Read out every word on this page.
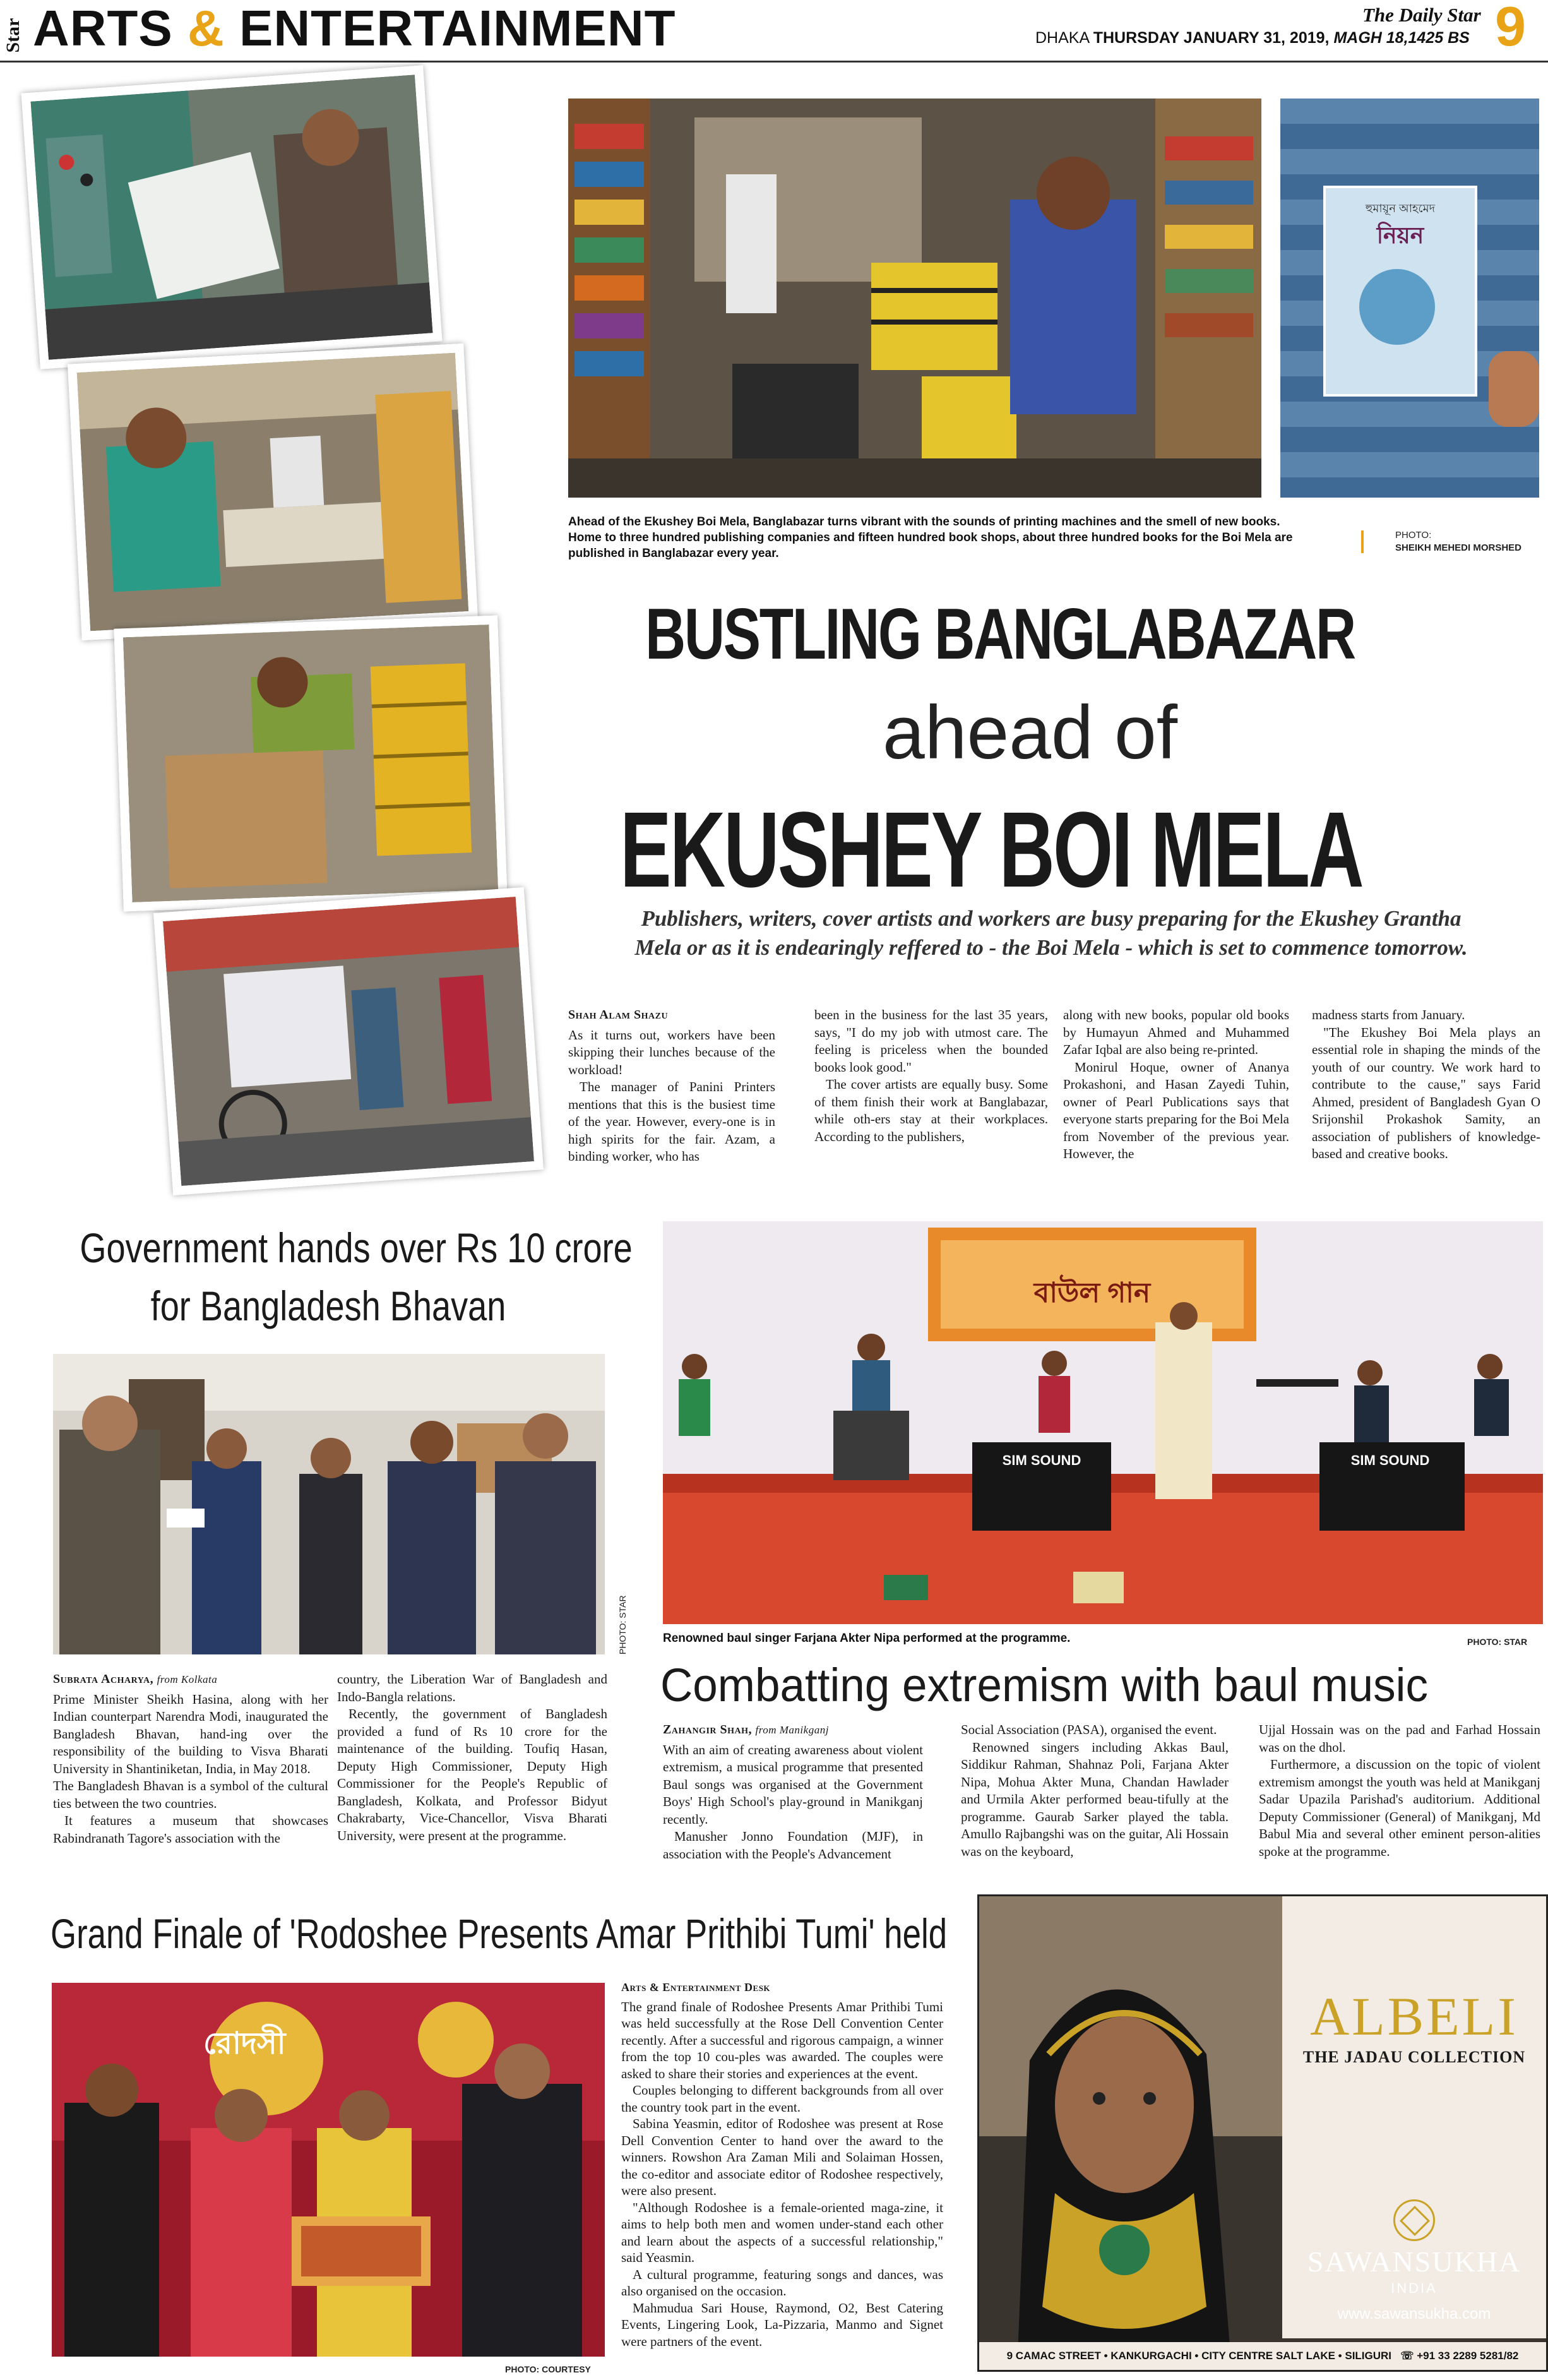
Star ARTS & ENTERTAINMENT	DHAKA THURSDAY JANUARY 31, 2019, MAGH 18,1425 BS
The Daily Star 9
নিয়ন
হুমায়ূন আহমেদ
Ahead of the Ekushey Boi Mela, Banglabazar turns vibrant with the sounds of printing machines and the smell of new books. Home to three hundred publishing companies and fifteen hundred book shops, about three hundred books for the Boi Mela are published in Banglabazar every year.
PHOTO:
SHEIKH MEHEDI MORSHED
BUSTLING BANGLABAZAR
ahead of
EKUSHEY BOI MELA
Publishers, writers, cover artists and workers are busy preparing for the Ekushey Grantha Mela or as it is endearingly reffered to - the Boi Mela - which is set to commence tomorrow.
Shah Alam Shazu

As it turns out, workers have been skipping their lunches because of the workload!

The manager of Panini Printers mentions that this is the busiest time of the year. However, every-one is in high spirits for the fair. Azam, a binding worker, who has

been in the business for the last 35 years, says, "I do my job with utmost care. The feeling is priceless when the bounded books look good."

The cover artists are equally busy. Some of them finish their work at Banglabazar, while oth-ers stay at their workplaces. According to the publishers,

along with new books, popular old books by Humayun Ahmed and Muhammed Zafar Iqbal are also being re-printed.

Monirul Hoque, owner of Ananya Prokashoni, and Hasan Zayedi Tuhin, owner of Pearl Publications says that everyone starts preparing for the Boi Mela from November of the previous year. However, the

madness starts from January.

"The Ekushey Boi Mela plays an essential role in shaping the minds of the youth of our country. We work hard to contribute to the cause," says Farid Ahmed, president of Bangladesh Gyan O Srijonshil Prokashok Samity, an association of publishers of knowledge-based and creative books.

Government hands over Rs 10 crore
for Bangladesh Bhavan
PHOTO: STAR
Subrata Acharya, from Kolkata

Prime Minister Sheikh Hasina, along with her Indian counterpart Narendra Modi, inaugurated the Bangladesh Bhavan, hand-ing over the responsibility of the building to Visva Bharati University in Shantiniketan, India, in May 2018.

The Bangladesh Bhavan is a symbol of the cultural ties between the two countries.

It features a museum that showcases Rabindranath Tagore's association with the

country, the Liberation War of Bangladesh and Indo-Bangla relations.

Recently, the government of Bangladesh provided a fund of Rs 10 crore for the maintenance of the building. Toufiq Hasan, Deputy High Commissioner, Deputy High Commissioner for the People's Republic of Bangladesh, Kolkata, and Professor Bidyut Chakrabarty, Vice-Chancellor, Visva Bharati University, were present at the programme.

বাউল গান
SIM SOUND	SIM SOUND
Renowned baul singer Farjana Akter Nipa performed at the programme.	PHOTO: STAR
Combatting extremism with baul music
Zahangir Shah, from Manikganj

With an aim of creating awareness about violent extremism, a musical programme that presented Baul songs was organised at the Government Boys' High School's play-ground in Manikganj recently.

Manusher Jonno Foundation (MJF), in association with the People's Advancement

Social Association (PASA), organised the event.

Renowned singers including Akkas Baul, Siddikur Rahman, Shahnaz Poli, Farjana Akter Nipa, Mohua Akter Muna, Chandan Hawlader and Urmila Akter performed beau-tifully at the programme. Gaurab Sarker played the tabla. Amullo Rajbangshi was on the guitar, Ali Hossain was on the keyboard,

Ujjal Hossain was on the pad and Farhad Hossain was on the dhol.

Furthermore, a discussion on the topic of violent extremism amongst the youth was held at Manikganj Sadar Upazila Parishad's auditorium. Additional Deputy Commissioner (General) of Manikganj, Md Babul Mia and several other eminent person-alities spoke at the programme.

Grand Finale of 'Rodoshee Presents Amar Prithibi Tumi' held
রোদসী
PHOTO: COURTESY
Arts & Entertainment Desk

The grand finale of Rodoshee Presents Amar Prithibi Tumi was held successfully at the Rose Dell Convention Center recently. After a successful and rigorous campaign, a winner from the top 10 cou-ples was awarded. The couples were asked to share their stories and experiences at the event.

Couples belonging to different backgrounds from all over the country took part in the event.

Sabina Yeasmin, editor of Rodoshee was present at Rose Dell Convention Center to hand over the award to the winners. Rowshon Ara Zaman Mili and Solaiman Hossen, the co-editor and associate editor of Rodoshee respectively, were also present.

"Although Rodoshee is a female-oriented maga-zine, it aims to help both men and women under-stand each other and learn about the aspects of a successful relationship," said Yeasmin.

A cultural programme, featuring songs and dances, was also organised on the occasion.

Mahmudua Sari House, Raymond, O2, Best Catering Events, Lingering Look, La-Pizzaria, Manmo and Signet were partners of the event.

ALBELI
THE JADAU COLLECTION
SAWANSUKHA
INDIA
www.sawansukha.com
9 CAMAC STREET • KANKURGACHI • CITY CENTRE SALT LAKE • SILIGURI   ☏ +91 33 2289 5281/82
